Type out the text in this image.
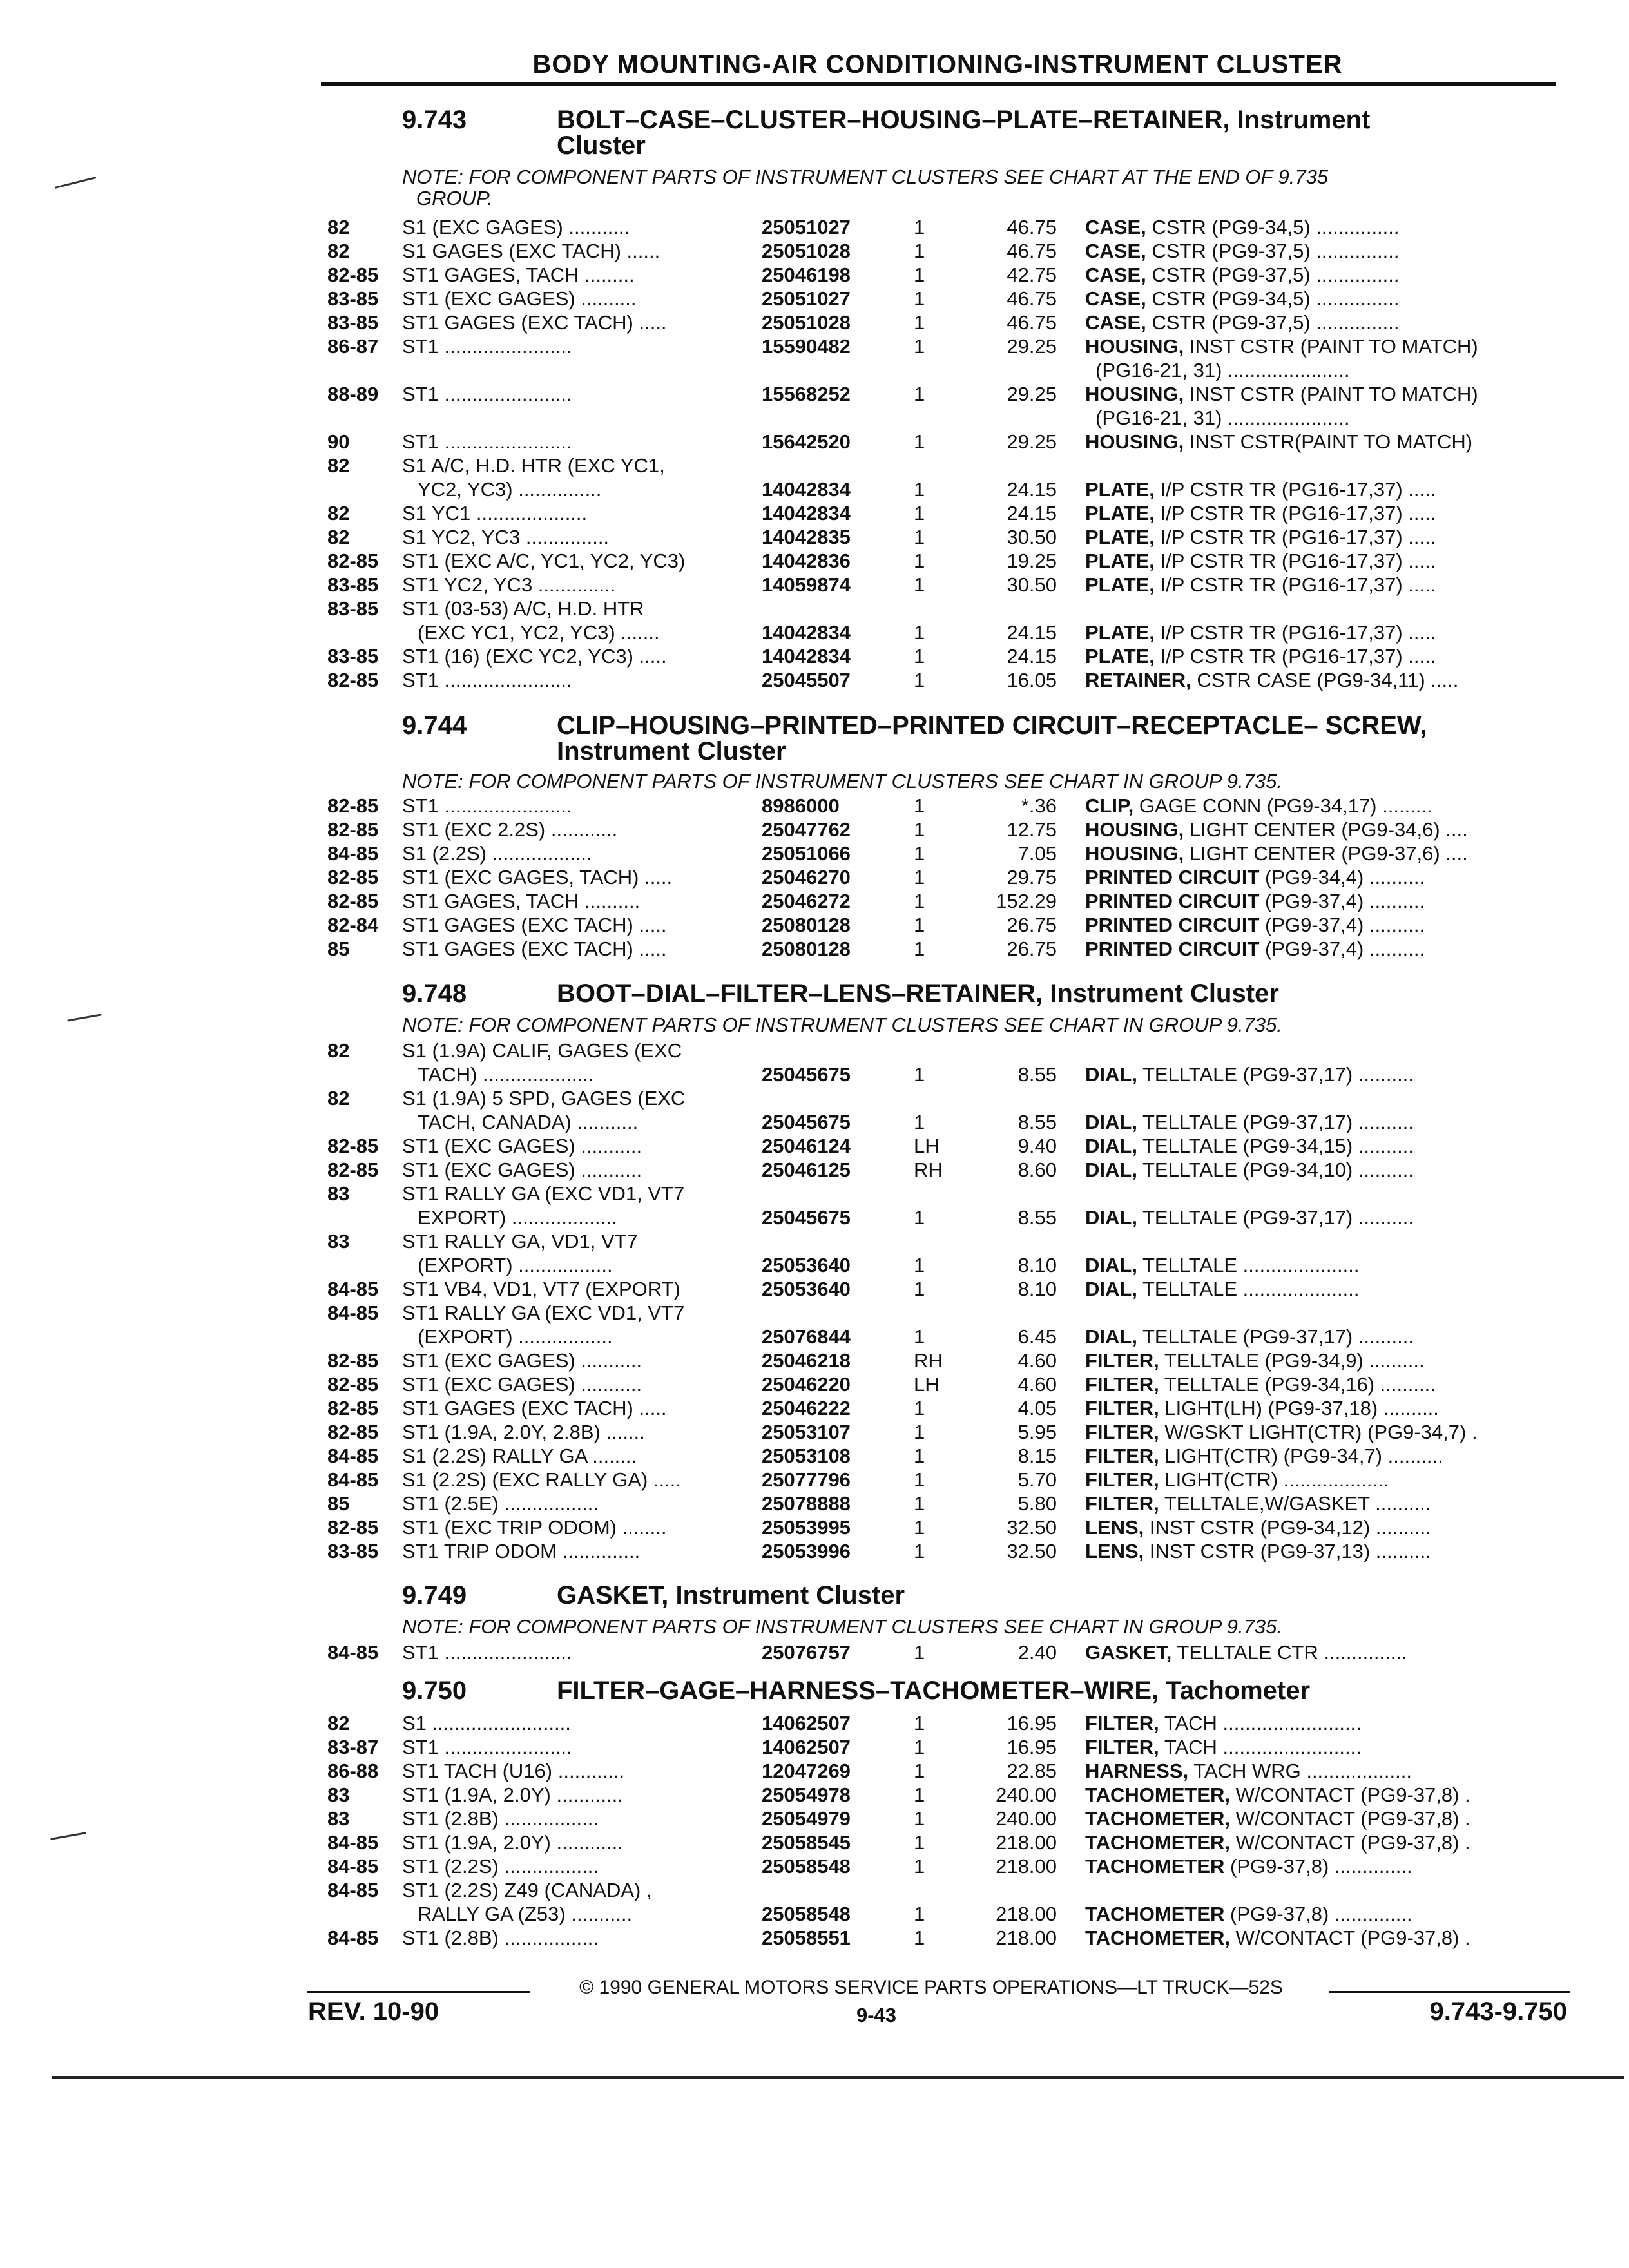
BODY MOUNTING-AIR CONDITIONING-INSTRUMENT CLUSTER
9.743	BOLT–CASE–CLUSTER–HOUSING–PLATE–RETAINER, Instrument
Cluster
NOTE: FOR COMPONENT PARTS OF INSTRUMENT CLUSTERS SEE CHART AT THE END OF 9.735
GROUP.
82	S1 (EXC GAGES) ...........	25051027	1	46.75 CASE, CSTR (PG9-34,5) ...............
82	S1 GAGES (EXC TACH) ......	25051028	1	46.75 CASE, CSTR (PG9-37,5) ...............
82-85 ST1 GAGES, TACH .........	25046198	1	42.75 CASE, CSTR (PG9-37,5) ...............
83-85 ST1 (EXC GAGES) ..........	25051027	1	46.75 CASE, CSTR (PG9-34,5) ...............
83-85 ST1 GAGES (EXC TACH) .....	25051028	1	46.75 CASE, CSTR (PG9-37,5) ...............
86-87 ST1 .......................	15590482	1	29.25 HOUSING, INST CSTR (PAINT TO MATCH)
(PG16-21, 31) ......................
88-89 ST1 .......................	15568252	1	29.25 HOUSING, INST CSTR (PAINT TO MATCH)
(PG16-21, 31) ......................
90	ST1 .......................	15642520	1	29.25 HOUSING, INST CSTR(PAINT TO MATCH)
82	S1 A/C, H.D. HTR (EXC YC1,
YC2, YC3) ...............	14042834	1	24.15 PLATE, I/P CSTR TR (PG16-17,37) .....
82	S1 YC1 ....................	14042834	1	24.15 PLATE, I/P CSTR TR (PG16-17,37) .....
82	S1 YC2, YC3 ...............	14042835	1	30.50 PLATE, I/P CSTR TR (PG16-17,37) .....
82-85 ST1 (EXC A/C, YC1, YC2, YC3)	14042836	1	19.25 PLATE, I/P CSTR TR (PG16-17,37) .....
83-85 ST1 YC2, YC3 ..............	14059874	1	30.50 PLATE, I/P CSTR TR (PG16-17,37) .....
83-85 ST1 (03-53) A/C, H.D. HTR
(EXC YC1, YC2, YC3) .......	14042834	1	24.15 PLATE, I/P CSTR TR (PG16-17,37) .....
83-85 ST1 (16) (EXC YC2, YC3) .....	14042834	1	24.15 PLATE, I/P CSTR TR (PG16-17,37) .....
82-85 ST1 .......................	25045507	1	16.05 RETAINER, CSTR CASE (PG9-34,11) .....
9.744	CLIP–HOUSING–PRINTED–PRINTED CIRCUIT–RECEPTACLE– SCREW,
Instrument Cluster
NOTE: FOR COMPONENT PARTS OF INSTRUMENT CLUSTERS SEE CHART IN GROUP 9.735.
82-85 ST1 .......................	8986000	1	*.36 CLIP, GAGE CONN (PG9-34,17) .........
82-85 ST1 (EXC 2.2S) ............	25047762	1	12.75 HOUSING, LIGHT CENTER (PG9-34,6) ....
84-85 S1 (2.2S) ..................	25051066	1	7.05 HOUSING, LIGHT CENTER (PG9-37,6) ....
82-85 ST1 (EXC GAGES, TACH) .....	25046270	1	29.75 PRINTED CIRCUIT (PG9-34,4) ..........
82-85 ST1 GAGES, TACH ..........	25046272	1	152.29 PRINTED CIRCUIT (PG9-37,4) ..........
82-84 ST1 GAGES (EXC TACH) .....	25080128	1	26.75 PRINTED CIRCUIT (PG9-37,4) ..........
85	ST1 GAGES (EXC TACH) .....	25080128	1	26.75 PRINTED CIRCUIT (PG9-37,4) ..........
9.748	BOOT–DIAL–FILTER–LENS–RETAINER, Instrument Cluster
NOTE: FOR COMPONENT PARTS OF INSTRUMENT CLUSTERS SEE CHART IN GROUP 9.735.
82	S1 (1.9A) CALIF, GAGES (EXC
TACH) ....................	25045675	1	8.55 DIAL, TELLTALE (PG9-37,17) ..........
82	S1 (1.9A) 5 SPD, GAGES (EXC
TACH, CANADA) ...........	25045675	1	8.55 DIAL, TELLTALE (PG9-37,17) ..........
82-85 ST1 (EXC GAGES) ...........	25046124	LH	9.40 DIAL, TELLTALE (PG9-34,15) ..........
82-85 ST1 (EXC GAGES) ...........	25046125	RH	8.60 DIAL, TELLTALE (PG9-34,10) ..........
83	ST1 RALLY GA (EXC VD1, VT7
EXPORT) ...................	25045675	1	8.55 DIAL, TELLTALE (PG9-37,17) ..........
83	ST1 RALLY GA, VD1, VT7
(EXPORT) .................	25053640	1	8.10 DIAL, TELLTALE .....................
84-85 ST1 VB4, VD1, VT7 (EXPORT)	25053640	1	8.10 DIAL, TELLTALE .....................
84-85 ST1 RALLY GA (EXC VD1, VT7
(EXPORT) .................	25076844	1	6.45 DIAL, TELLTALE (PG9-37,17) ..........
82-85 ST1 (EXC GAGES) ...........	25046218	RH	4.60 FILTER, TELLTALE (PG9-34,9) ..........
82-85 ST1 (EXC GAGES) ...........	25046220	LH	4.60 FILTER, TELLTALE (PG9-34,16) ..........
82-85 ST1 GAGES (EXC TACH) .....	25046222	1	4.05 FILTER, LIGHT(LH) (PG9-37,18) ..........
82-85 ST1 (1.9A, 2.0Y, 2.8B) .......	25053107	1	5.95 FILTER, W/GSKT LIGHT(CTR) (PG9-34,7) .
84-85 S1 (2.2S) RALLY GA ........	25053108	1	8.15 FILTER, LIGHT(CTR) (PG9-34,7) ..........
84-85 S1 (2.2S) (EXC RALLY GA) .....	25077796	1	5.70 FILTER, LIGHT(CTR) ...................
85	ST1 (2.5E) .................	25078888	1	5.80 FILTER, TELLTALE,W/GASKET ..........
82-85 ST1 (EXC TRIP ODOM) ........	25053995	1	32.50 LENS, INST CSTR (PG9-34,12) ..........
83-85 ST1 TRIP ODOM ..............	25053996	1	32.50 LENS, INST CSTR (PG9-37,13) ..........
9.749	GASKET, Instrument Cluster
NOTE: FOR COMPONENT PARTS OF INSTRUMENT CLUSTERS SEE CHART IN GROUP 9.735.
84-85 ST1 .......................	25076757	1	2.40 GASKET, TELLTALE CTR ...............
9.750	FILTER–GAGE–HARNESS–TACHOMETER–WIRE, Tachometer
82	S1 .........................	14062507	1	16.95 FILTER, TACH .........................
83-87 ST1 .......................	14062507	1	16.95 FILTER, TACH .........................
86-88 ST1 TACH (U16) ............	12047269	1	22.85 HARNESS, TACH WRG ...................
83	ST1 (1.9A, 2.0Y) ............	25054978	1	240.00 TACHOMETER, W/CONTACT (PG9-37,8) .
83	ST1 (2.8B) .................	25054979	1	240.00 TACHOMETER, W/CONTACT (PG9-37,8) .
84-85 ST1 (1.9A, 2.0Y) ............	25058545	1	218.00 TACHOMETER, W/CONTACT (PG9-37,8) .
84-85 ST1 (2.2S) .................	25058548	1	218.00 TACHOMETER (PG9-37,8) ..............
84-85 ST1 (2.2S) Z49 (CANADA) ,
RALLY GA (Z53) ...........	25058548	1	218.00 TACHOMETER (PG9-37,8) ..............
84-85 ST1 (2.8B) .................	25058551	1	218.00 TACHOMETER, W/CONTACT (PG9-37,8) .
© 1990 GENERAL MOTORS SERVICE PARTS OPERATIONS—LT TRUCK—52S
REV. 10-90	9-43	9.743-9.750
